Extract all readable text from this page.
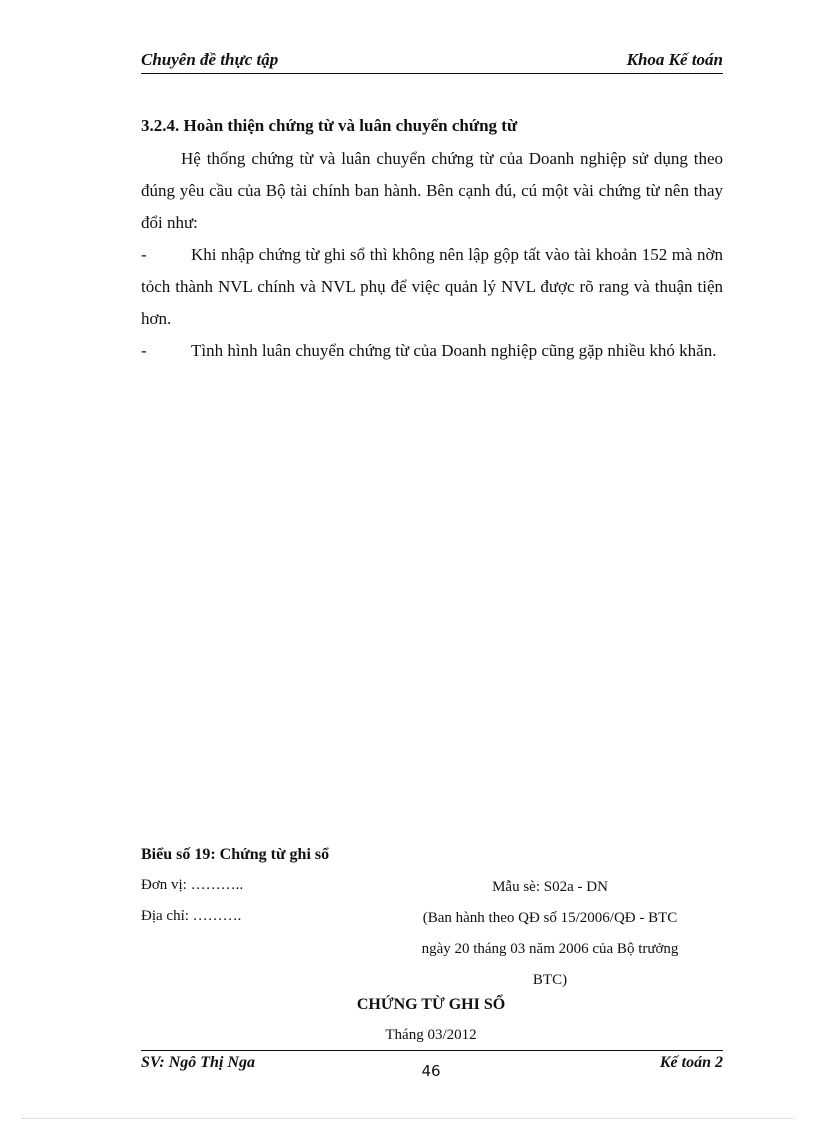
Chuyên đề thực tập	Khoa Kế toán
3.2.4. Hoàn thiện chứng từ và luân chuyển chứng từ
Hệ thống chứng từ và luân chuyển chứng từ của Doanh nghiệp sử dụng theo đúng yêu cầu của Bộ tài chính ban hành. Bên cạnh đú, cú một vài chứng từ nên thay đổi như:
-	Khi nhập chứng từ ghi sổ thì không nên lập gộp tất vào tài khoản 152 mà nờn tỏch thành NVL chính và NVL phụ để việc quản lý NVL được rõ rang và thuận tiện hơn.
-	Tình hình luân chuyển chứng từ của Doanh nghiệp cũng gặp nhiều khó khăn.
Biểu số 19: Chứng từ ghi sổ
Đơn vị: ………..
Địa chỉ: ……….
Mẫu sè: S02a - DN
(Ban hành theo QĐ số 15/2006/QĐ - BTC
ngày 20 tháng 03 năm 2006 của Bộ trưởng
BTC)
CHỨNG TỪ GHI SỔ
Tháng 03/2012
SV: Ngô Thị Nga	Kế toán 2
46
